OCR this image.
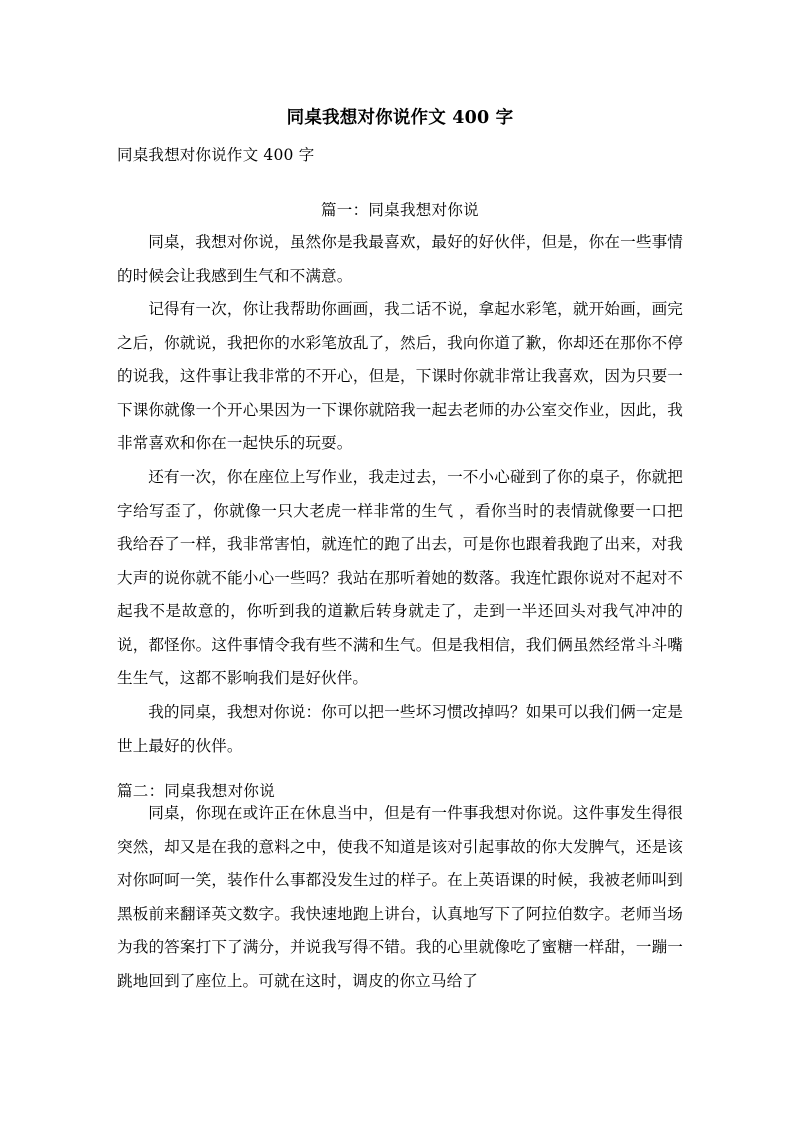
同桌我想对你说作文 400 字
同桌我想对你说作文 400 字
篇一：同桌我想对你说

同桌，我想对你说，虽然你是我最喜欢，最好的好伙伴，但是，你在一些事情的时候会让我感到生气和不满意。

记得有一次，你让我帮助你画画，我二话不说，拿起水彩笔，就开始画，画完之后，你就说，我把你的水彩笔放乱了，然后，我向你道了歉，你却还在那你不停的说我，这件事让我非常的不开心，但是，下课时你就非常让我喜欢，因为只要一下课你就像一个开心果因为一下课你就陪我一起去老师的办公室交作业，因此，我非常喜欢和你在一起快乐的玩耍。

还有一次，你在座位上写作业，我走过去，一不小心碰到了你的桌子，你就把字给写歪了，你就像一只大老虎一样非常的生气 ，看你当时的表情就像要一口把我给吞了一样，我非常害怕，就连忙的跑了出去，可是你也跟着我跑了出来，对我大声的说你就不能小心一些吗？我站在那听着她的数落。我连忙跟你说对不起对不起我不是故意的，你听到我的道歉后转身就走了，走到一半还回头对我气冲冲的说，都怪你。这件事情令我有些不满和生气。但是我相信，我们俩虽然经常斗斗嘴生生气，这都不影响我们是好伙伴。

我的同桌，我想对你说：你可以把一些坏习惯改掉吗？如果可以我们俩一定是世上最好的伙伴。

篇二：同桌我想对你说

同桌，你现在或许正在休息当中，但是有一件事我想对你说。这件事发生得很突然，却又是在我的意料之中，使我不知道是该对引起事故的你大发脾气，还是该对你呵呵一笑，装作什么事都没发生过的样子。在上英语课的时候，我被老师叫到黑板前来翻译英文数字。我快速地跑上讲台，认真地写下了阿拉伯数字。老师当场为我的答案打下了满分，并说我写得不错。我的心里就像吃了蜜糖一样甜，一蹦一跳地回到了座位上。可就在这时，调皮的你立马给了
